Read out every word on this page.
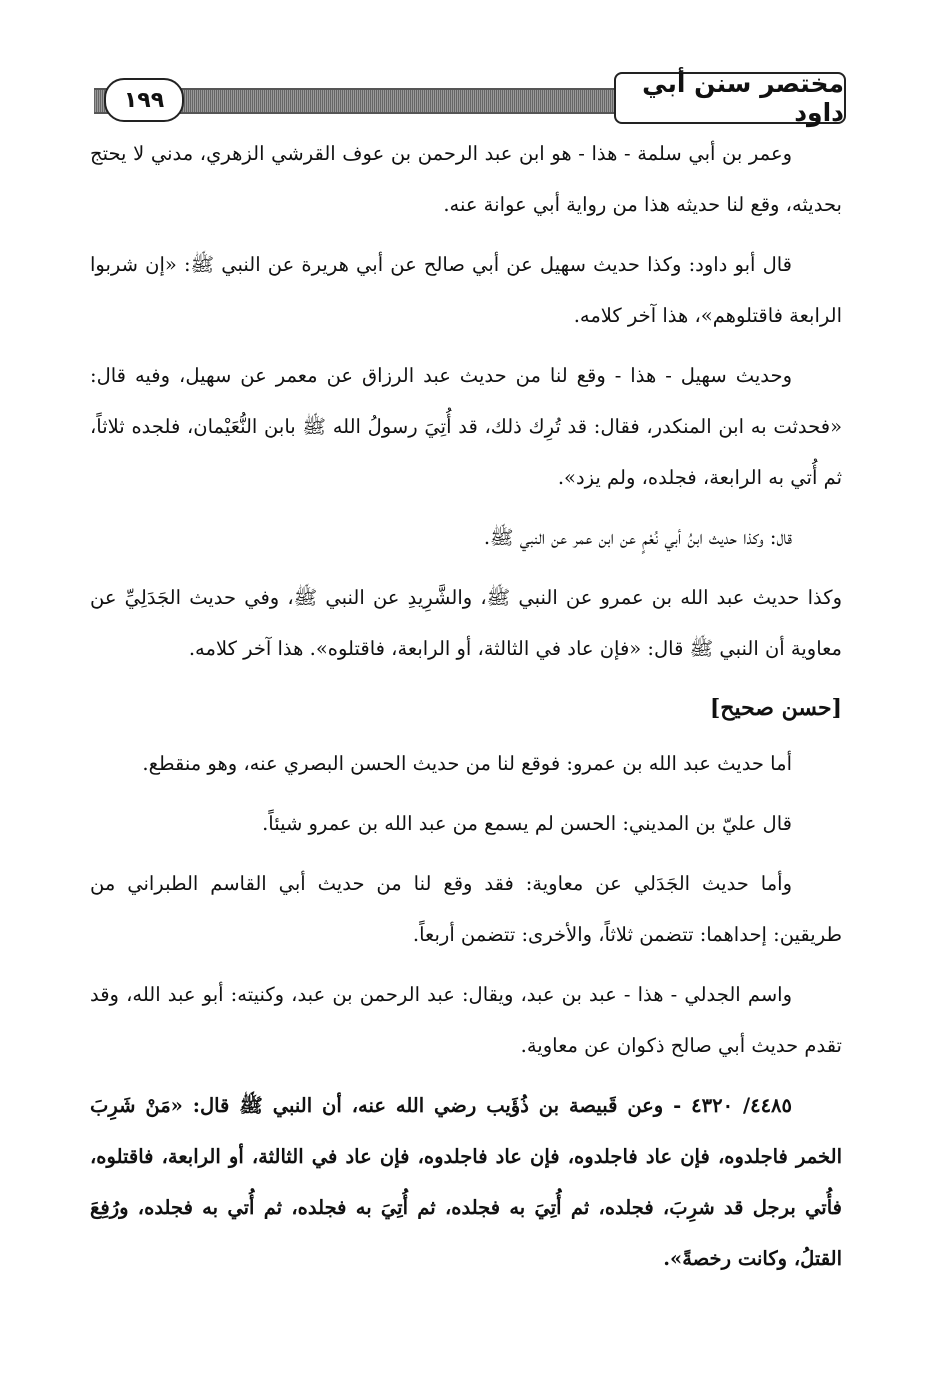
١٩٩
مختصر سنن أبي داود

وعمر بن أبي سلمة - هذا - هو ابن عبد الرحمن بن عوف القرشي الزهري، مدني لا يحتج بحديثه، وقع لنا حديثه هذا من رواية أبي عوانة عنه.

قال أبو داود: وكذا حديث سهيل عن أبي صالح عن أبي هريرة عن النبي ﷺ: «إن شربوا الرابعة فاقتلوهم»، هذا آخر كلامه.

وحديث سهيل - هذا - وقع لنا من حديث عبد الرزاق عن معمر عن سهيل، وفيه قال: «فحدثت به ابن المنكدر، فقال: قد تُرِك ذلك، قد أُتِيَ رسولُ الله ﷺ بابن النُّعَيْمان، فلجده ثلاثاً، ثم أُتي به الرابعة، فجلده، ولم يزد».

قال: وكذا حديث ابنُ أبي نُعْمٍ عن ابن عمر عن النبي ﷺ.

وكذا حديث عبد الله بن عمرو عن النبي ﷺ، والشَّرِيدِ عن النبي ﷺ، وفي حديث الجَدَلِيِّ عن معاوية أن النبي ﷺ قال: «فإن عاد في الثالثة، أو الرابعة، فاقتلوه». هذا آخر كلامه.

[حسن صحيح]

أما حديث عبد الله بن عمرو: فوقع لنا من حديث الحسن البصري عنه، وهو منقطع.

قال عليّ بن المديني: الحسن لم يسمع من عبد الله بن عمرو شيئاً.

وأما حديث الجَدَلي عن معاوية: فقد وقع لنا من حديث أبي القاسم الطبراني من طريقين: إحداهما: تتضمن ثلاثاً، والأخرى: تتضمن أربعاً.

واسم الجدلي - هذا - عبد بن عبد، ويقال: عبد الرحمن بن عبد، وكنيته: أبو عبد الله، وقد تقدم حديث أبي صالح ذكوان عن معاوية.

٤٤٨٥/ ٤٣٢٠ - وعن قَبيصة بن ذُؤَيب رضي الله عنه، أن النبي ﷺ قال: «مَنْ شَرِبَ الخمر فاجلدوه، فإن عاد فاجلدوه، فإن عاد فاجلدوه، فإن عاد في الثالثة، أو الرابعة، فاقتلوه، فأُتي برجل قد شرِبَ، فجلده، ثم أُتِيَ به فجلده، ثم أُتِيَ به فجلده، ثم أُتي به فجلده، ورُفِعَ القتلُ، وكانت رخصةً».
